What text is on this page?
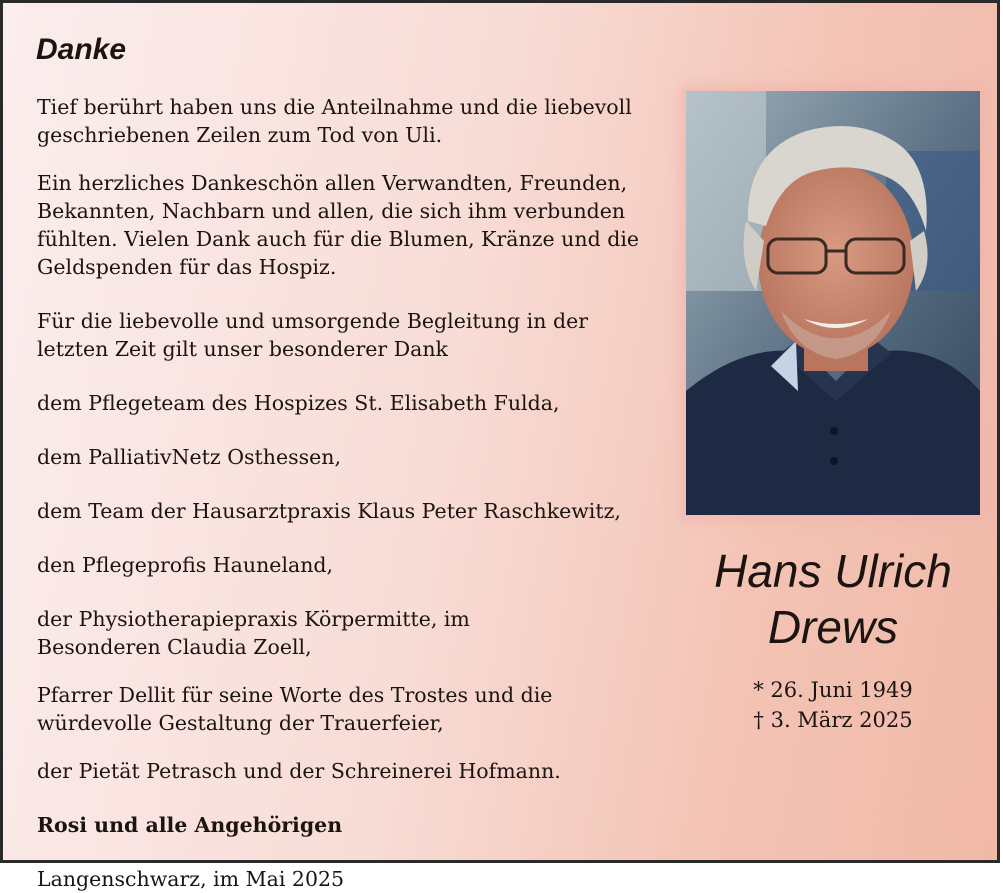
Danke

Tief berührt haben uns die Anteilnahme und die liebevoll geschriebenen Zeilen zum Tod von Uli.

Ein herzliches Dankeschön allen Verwandten, Freunden, Bekannten, Nachbarn und allen, die sich ihm verbunden fühlten. Vielen Dank auch für die Blumen, Kränze und die Geldspenden für das Hospiz.

Für die liebevolle und umsorgende Begleitung in der letzten Zeit gilt unser besonderer Dank

dem Pflegeteam des Hospizes St. Elisabeth Fulda,

dem PalliativNetz Osthessen,

dem Team der Hausarztpraxis Klaus Peter Raschkewitz,

den Pflegeprofis Hauneland,

der Physiotherapiepraxis Körpermitte, im Besonderen Claudia Zoell,

Pfarrer Dellit für seine Worte des Trostes und die würdevolle Gestaltung der Trauerfeier,

der Pietät Petrasch und der Schreinerei Hofmann.

Rosi und alle Angehörigen

Langenschwarz, im Mai 2025

Hans Ulrich
Drews
* 26. Juni 1949
† 3. März 2025
